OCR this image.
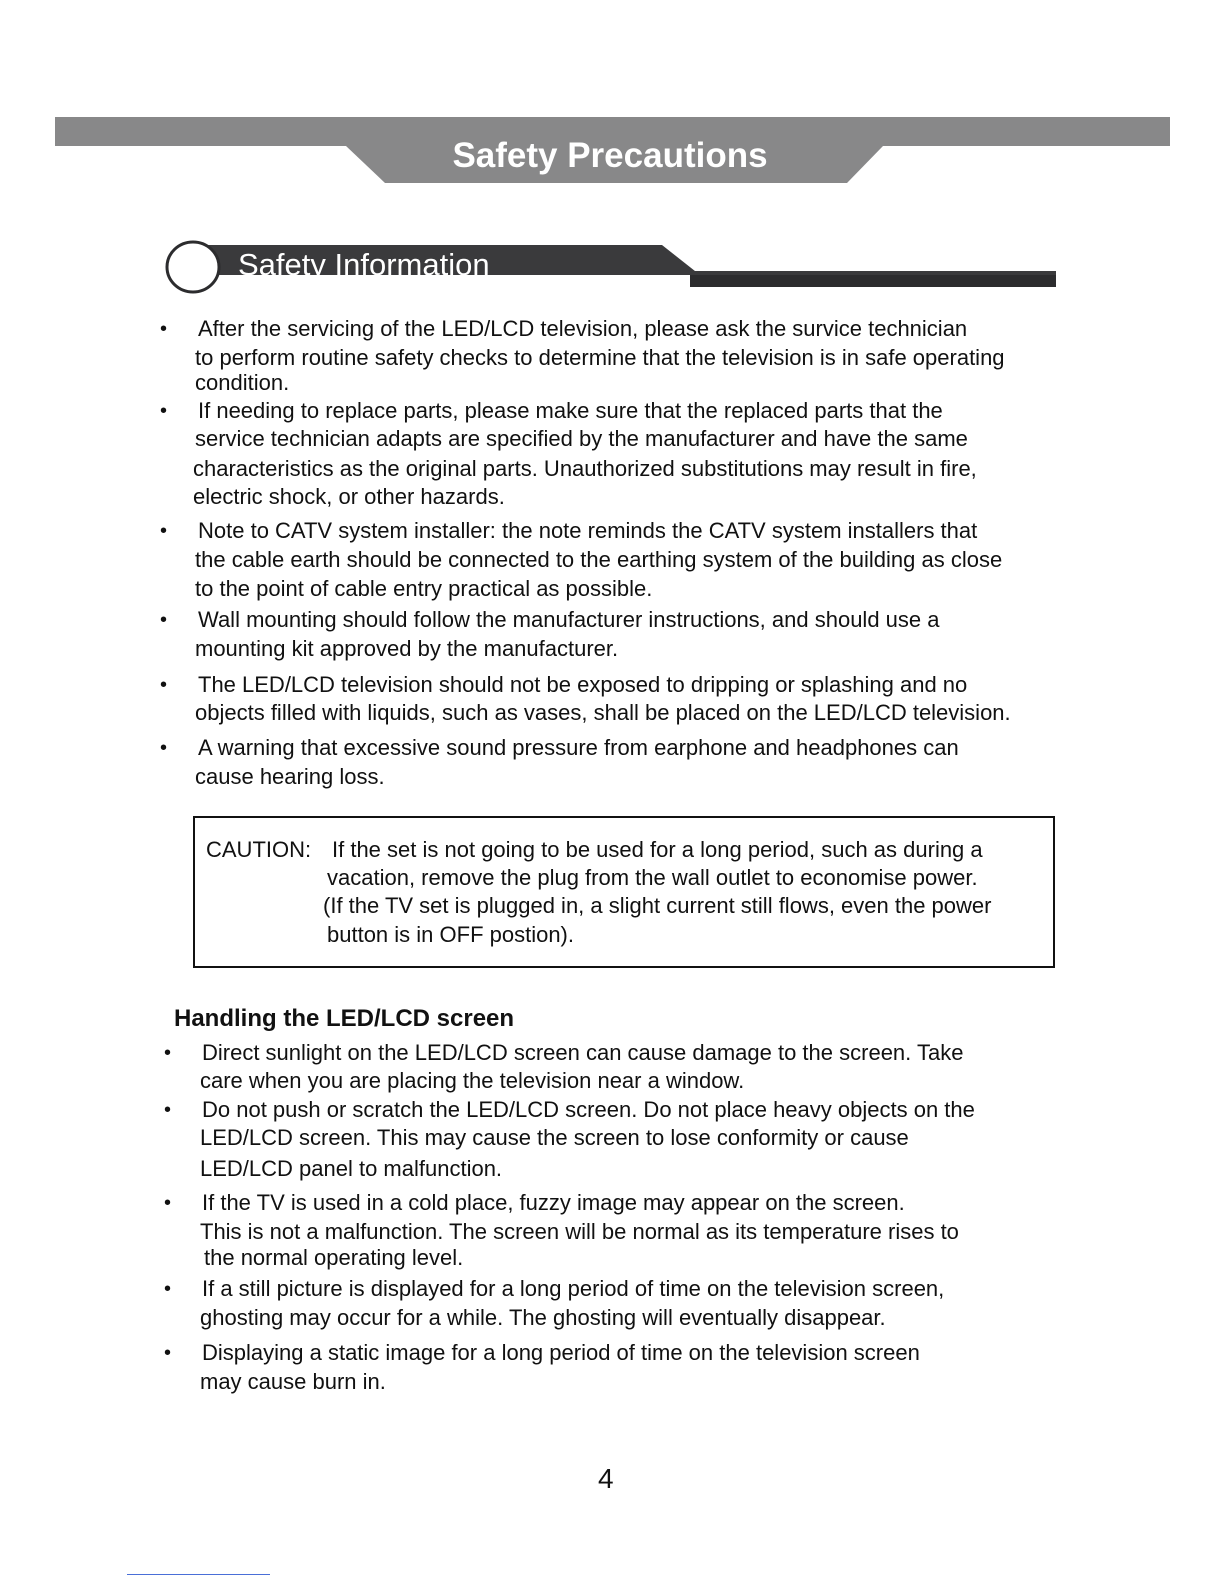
Safety Precautions
Safety Information
• After the servicing of the LED/LCD television, please ask the survice technician
to perform routine safety checks to determine that the television is in safe operating
condition.
• If needing to replace parts, please make sure that the replaced parts that the
service technician adapts are specified by the manufacturer and have the same
characteristics as the original parts. Unauthorized substitutions may result in fire,
electric shock, or other hazards.
• Note to CATV system installer: the note reminds the CATV system installers that
the cable earth should be connected to the earthing system of the building as close
to the point of cable entry practical as possible.
• Wall mounting should follow the manufacturer instructions, and should use a
mounting kit approved by the manufacturer.
• The LED/LCD television should not be exposed to dripping or splashing and no
objects filled with liquids, such as vases, shall be placed on the LED/LCD television.
• A warning that excessive sound pressure from earphone and headphones can
cause hearing loss.
CAUTION: If the set is not going to be used for a long period, such as during a
vacation, remove the plug from the wall outlet to economise power.
(If the TV set is plugged in, a slight current still flows, even the power
button is in OFF postion).
Handling the LED/LCD screen
• Direct sunlight on the LED/LCD screen can cause damage to the screen. Take
care when you are placing the television near a window.
• Do not push or scratch the LED/LCD screen. Do not place heavy objects on the
LED/LCD screen. This may cause the screen to lose conformity or cause
LED/LCD panel to malfunction.
• If the TV is used in a cold place, fuzzy image may appear on the screen.
This is not a malfunction. The screen will be normal as its temperature rises to
the normal operating level.
• If a still picture is displayed for a long period of time on the television screen,
ghosting may occur for a while. The ghosting will eventually disappear.
• Displaying a static image for a long period of time on the television screen
may cause burn in.
4
